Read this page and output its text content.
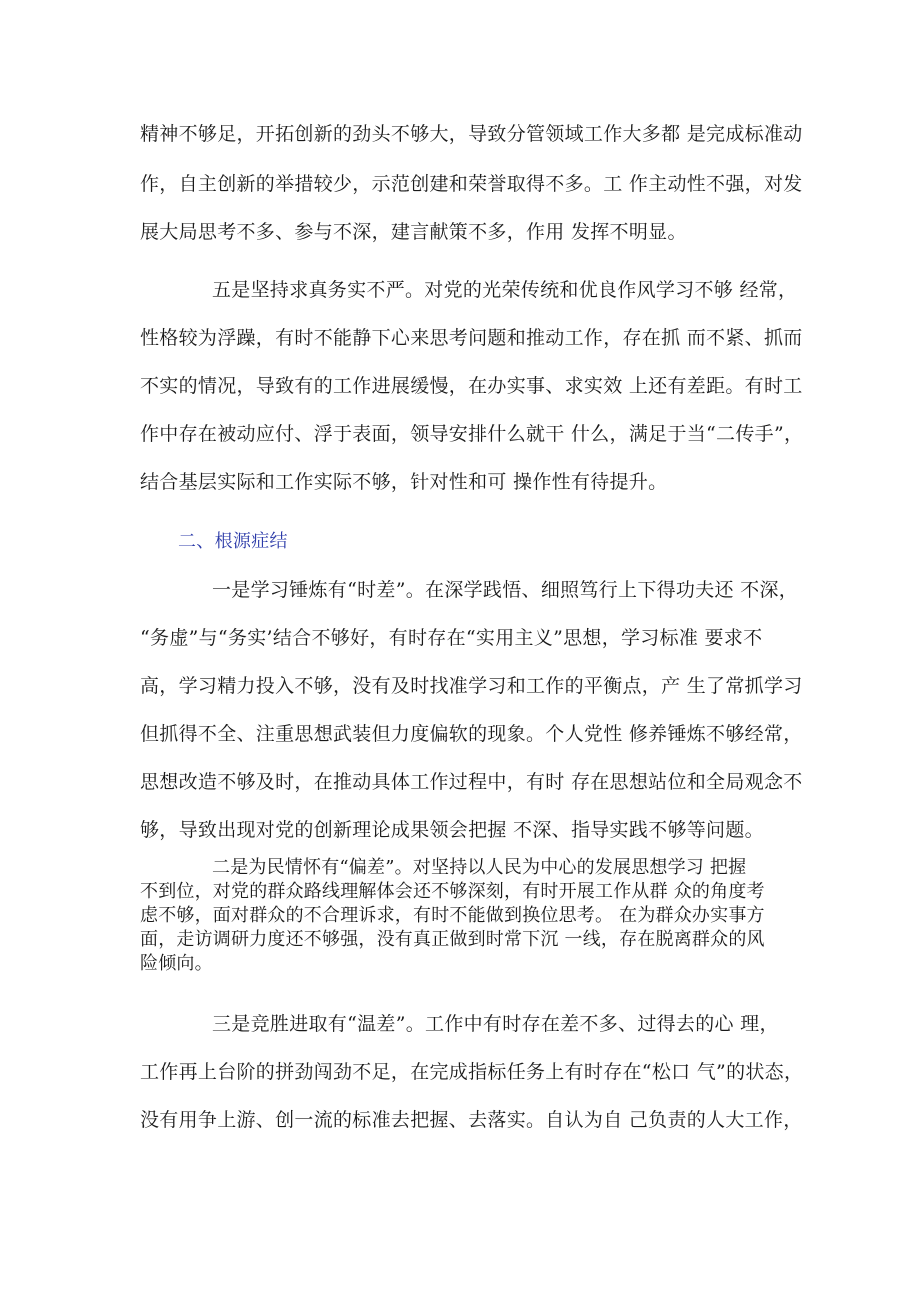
精神不够足，开拓创新的劲头不够大，导致分管领域工作大多都 是完成标准动
作，自主创新的举措较少，示范创建和荣誉取得不多。工 作主动性不强，对发
展大局思考不多、参与不深，建言献策不多，作用 发挥不明显。
五是坚持求真务实不严。对党的光荣传统和优良作风学习不够 经常，
性格较为浮躁，有时不能静下心来思考问题和推动工作，存在抓 而不紧、抓而
不实的情况，导致有的工作进展缓慢，在办实事、求实效 上还有差距。有时工
作中存在被动应付、浮于表面，领导安排什么就干 什么，满足于当“二传手”，
结合基层实际和工作实际不够，针对性和可 操作性有待提升。
二、根源症结
一是学习锤炼有“时差”。在深学践悟、细照笃行上下得功夫还 不深，
“务虚”与“务实’结合不够好，有时存在“实用主义”思想，学习标准 要求不
高，学习精力投入不够，没有及时找准学习和工作的平衡点，产 生了常抓学习
但抓得不全、注重思想武装但力度偏软的现象。个人党性 修养锤炼不够经常，
思想改造不够及时，在推动具体工作过程中，有时 存在思想站位和全局观念不
够，导致出现对党的创新理论成果领会把握 不深、指导实践不够等问题。
二是为民情怀有“偏差”。对坚持以人民为中心的发展思想学习 把握
不到位，对党的群众路线理解体会还不够深刻，有时开展工作从群 众的角度考
虑不够，面对群众的不合理诉求，有时不能做到换位思考。 在为群众办实事方
面，走访调研力度还不够强，没有真正做到时常下沉 一线，存在脱离群众的风
险倾向。
三是竞胜进取有“温差”。工作中有时存在差不多、过得去的心 理，
工作再上台阶的拼劲闯劲不足，在完成指标任务上有时存在“松口 气”的状态，
没有用争上游、创一流的标准去把握、去落实。自认为自 己负责的人大工作，
